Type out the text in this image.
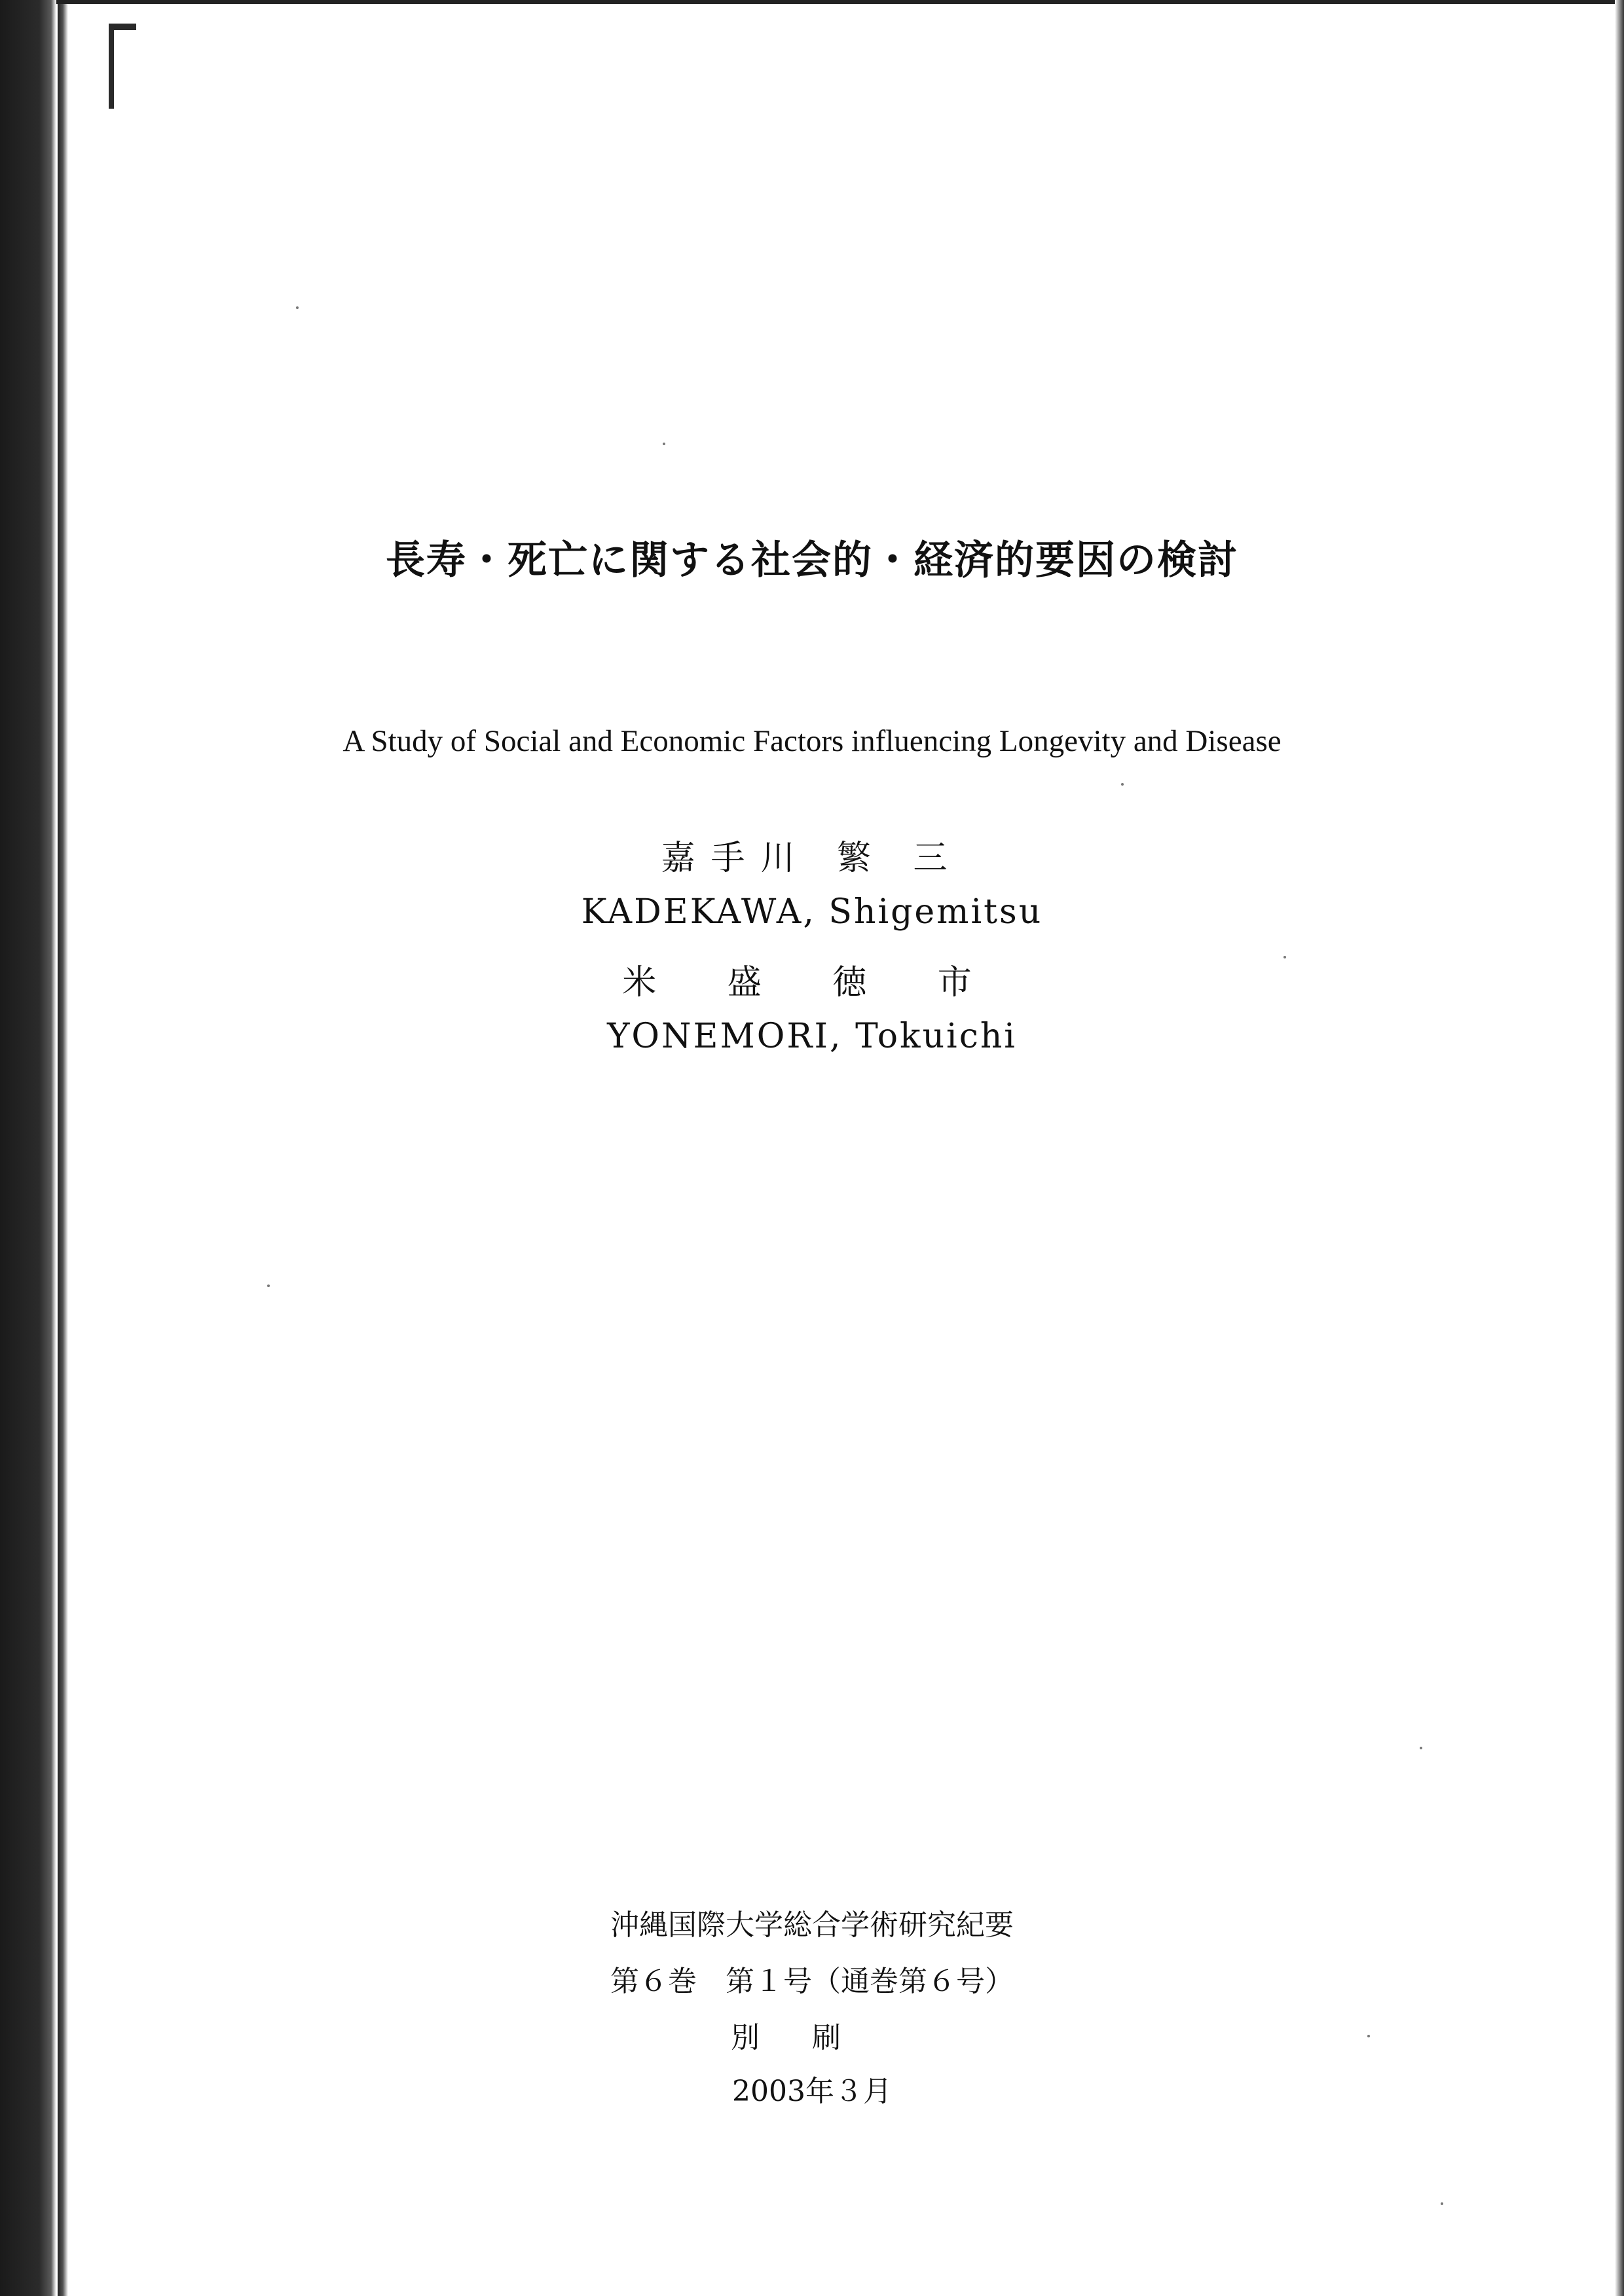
長寿・死亡に関する社会的・経済的要因の検討
A Study of Social and Economic Factors influencing Longevity and Disease
嘉手川 繁 三
KADEKAWA, Shigemitsu
米 盛 徳 市
YONEMORI, Tokuichi
沖縄国際大学総合学術研究紀要
第６巻　第１号（通巻第６号）
別刷
2003年３月
